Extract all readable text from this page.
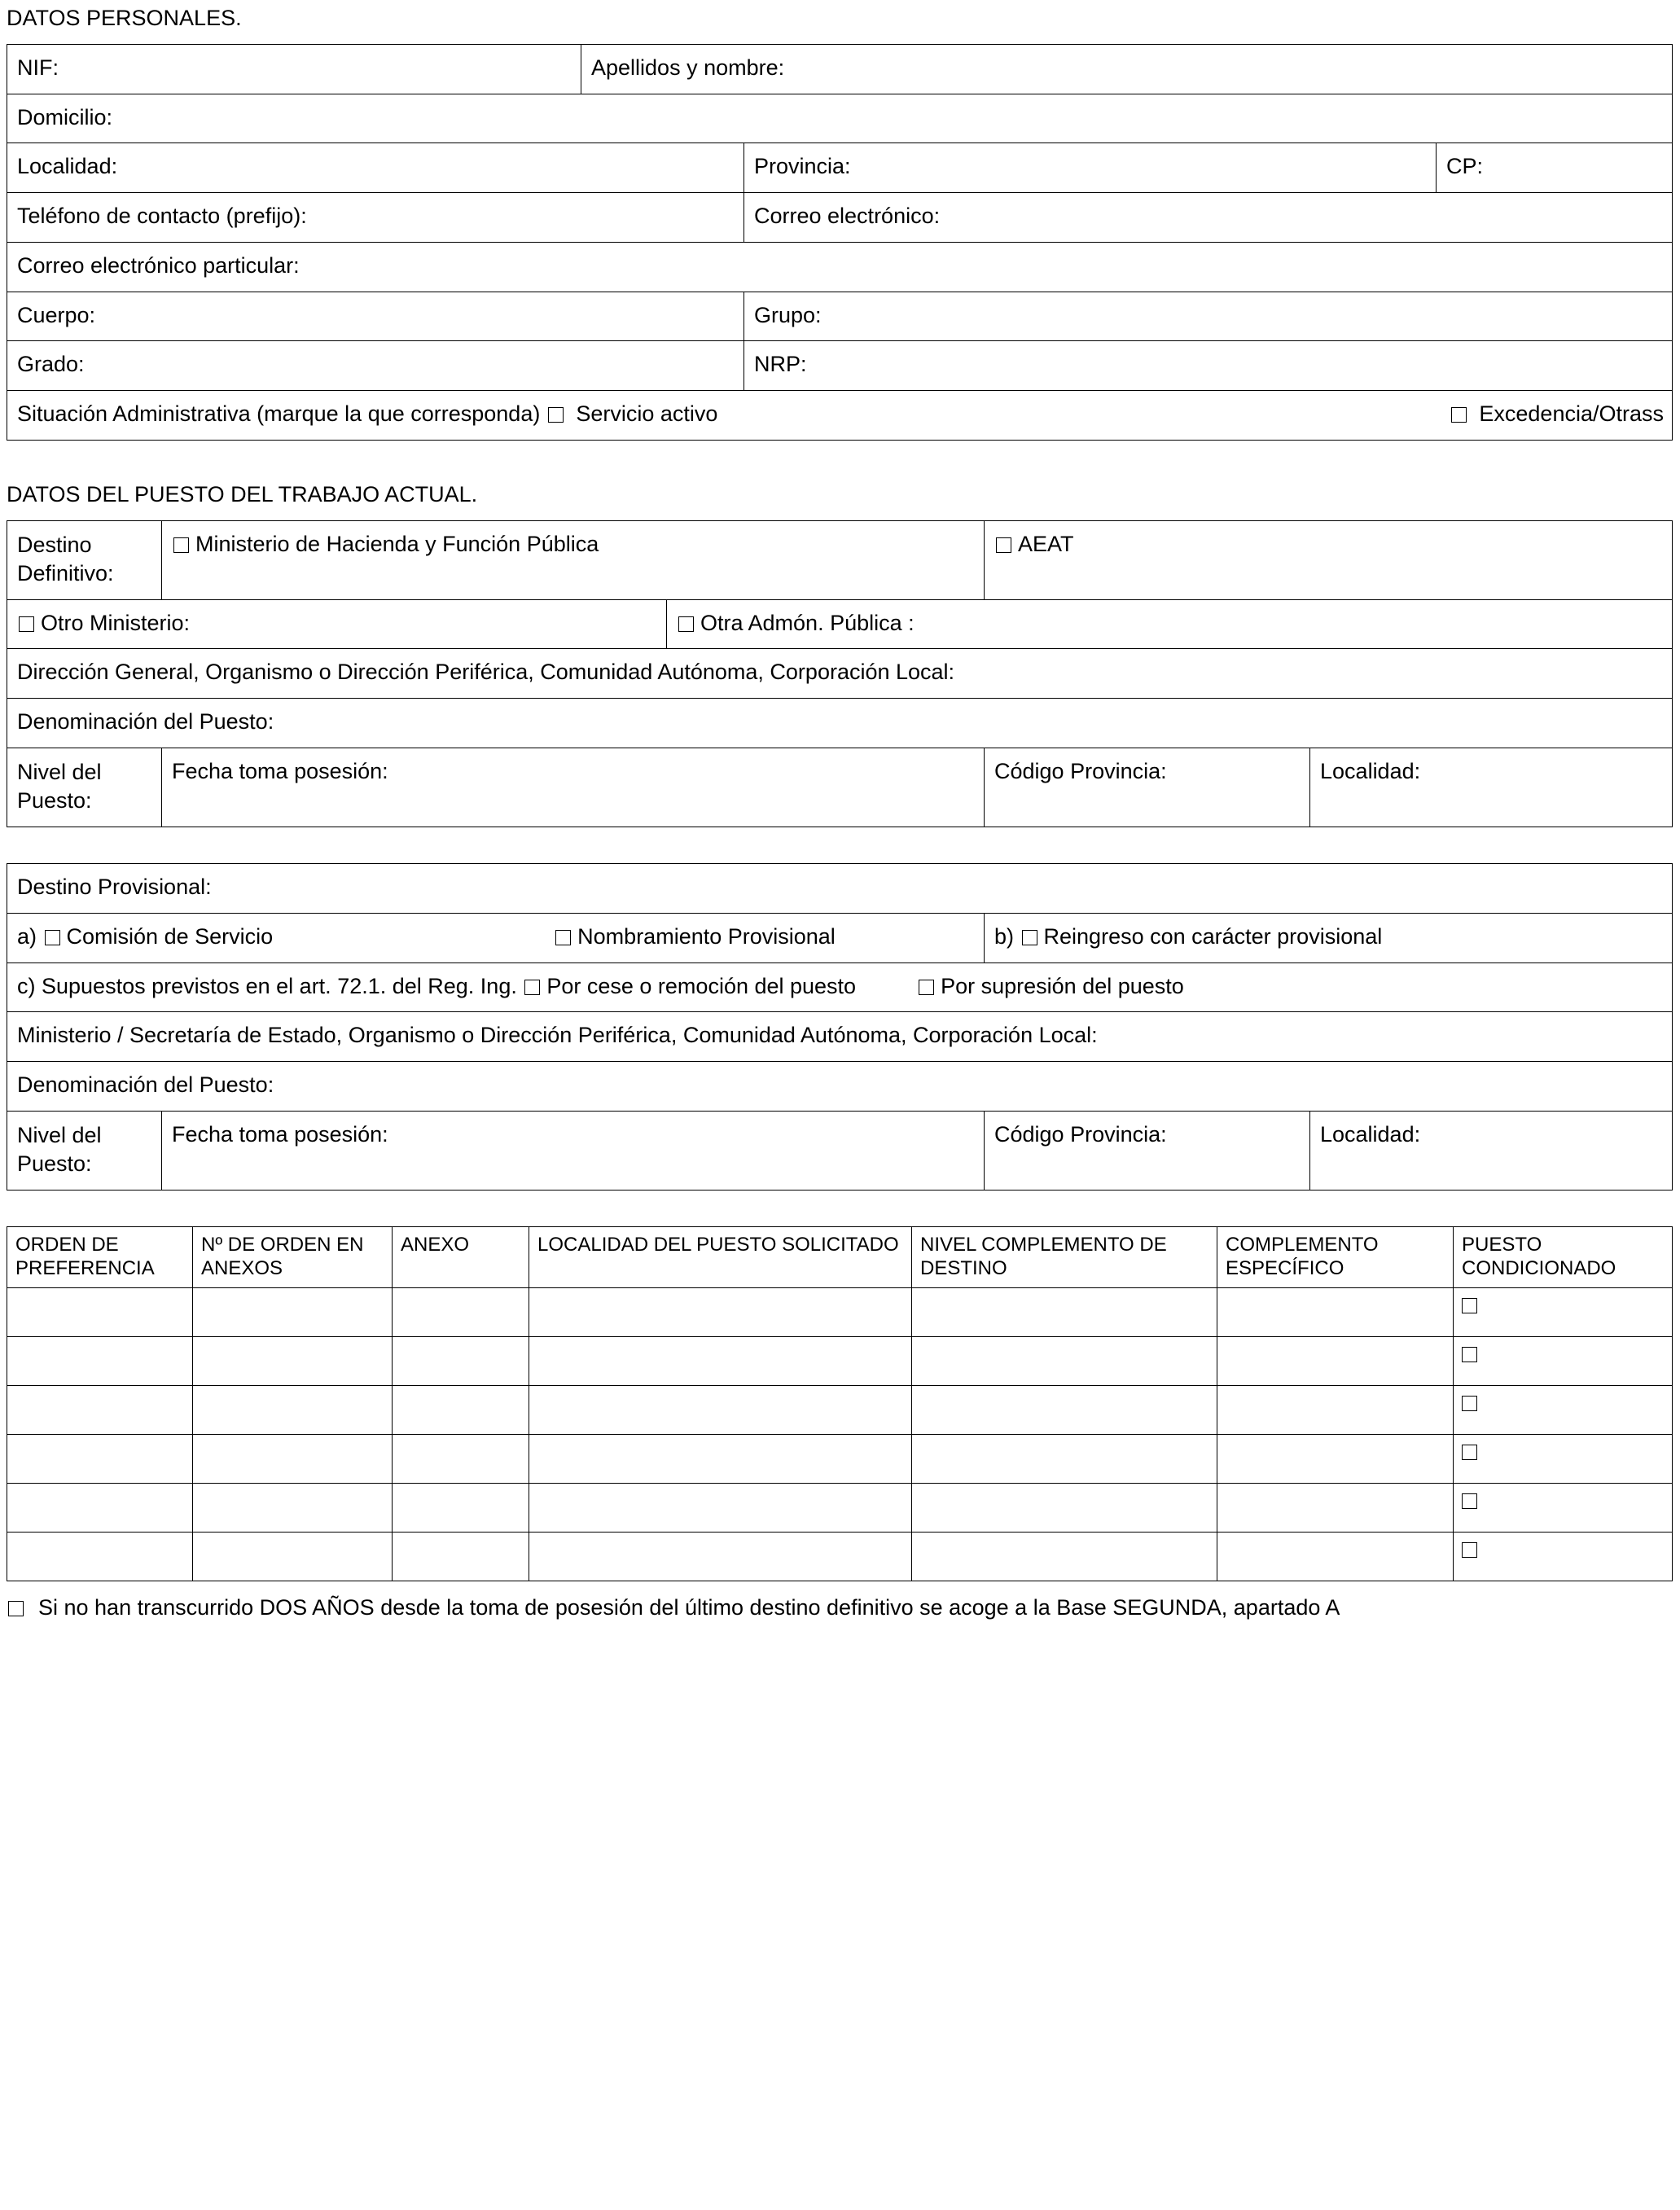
DATOS PERSONALES.
NIF:	Apellidos y nombre:		
Domicilio:			
Localidad:		Provincia:	CP:
Teléfono de contacto (prefijo):		Correo electrónico:	
Correo electrónico particular:			
Cuerpo:		Grupo:	
Grado:		NRP:	
Situación Administrativa (marque la que corresponda) Servicio activo Excedencia/Otrass			
DATOS DEL PUESTO DEL TRABAJO ACTUAL.
Destino Definitivo:	Ministerio de Hacienda y Función Pública		AEAT	
Otro Ministerio:		Otra Admón. Pública :		
Dirección General, Organismo o Dirección Periférica, Comunidad Autónoma, Corporación Local:				
Denominación del Puesto:				
Nivel del Puesto:	Fecha toma posesión:		Código Provincia:	Localidad:
Destino Provisional:			
a) Comisión de Servicio Nombramiento Provisional		b) Reingreso con carácter provisional	
c) Supuestos previstos en el art. 72.1. del Reg. Ing. Por cese o remoción del puesto Por supresión del puesto			
Ministerio / Secretaría de Estado, Organismo o Dirección Periférica, Comunidad Autónoma, Corporación Local:			
Denominación del Puesto:			
Nivel del Puesto:	Fecha toma posesión:	Código Provincia:	Localidad:
ORDEN DE PREFERENCIA	Nº DE ORDEN EN ANEXOS	ANEXO	LOCALIDAD DEL PUESTO SOLICITADO	NIVEL COMPLEMENTO DE DESTINO	COMPLEMENTO ESPECÍFICO	PUESTO CONDICIONADO

Si no han transcurrido DOS AÑOS desde la toma de posesión del último destino definitivo se acoge a la Base SEGUNDA, apartado A
